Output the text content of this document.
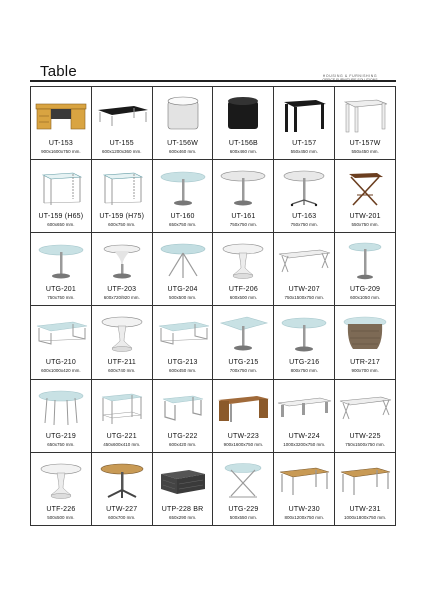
Table	HOUSING & FURNISHING
UT-153
900x1600x750 mm.
UT-155
600x1200x360 mm.
UT-156W
600x460 mm.
UT-156B
600x460 mm.
UT-157
550x450 mm.
UT-157W
550x450 mm.
UT-159 (H65)
600x650 mm.
UT-159 (H75)
600x750 mm.
UT-160
650x750 mm.
UT-161
750x750 mm.
UT-163
750x750 mm.
UTW-201
550x750 mm.
UTG-201
750x750 mm.
UTF-203
600x720/920 mm.
UTG-204
500x500 mm.
UTF-206
600x500 mm.
UTW-207
750x1500x750 mm.
UTG-209
600x1050 mm.
UTG-210
600x1000x420 mm.
UTF-211
600x740 mm.
UTG-213
600x450 mm.
UTG-215
700x750 mm.
UTG-216
800x750 mm.
UTR-217
900x700 mm.
UTG-219
650x750 mm.
UTG-221
450x600x410 mm.
UTG-222
600x420 mm.
UTW-223
900x1600x750 mm.
UTW-224
1000x3200x750 mm.
UTW-225
750x1500x750 mm.
UTF-226
500x500 mm.
UTW-227
600x700 mm.
UTP-228 BR
650x290 mm.
UTG-229
500x550 mm.
UTW-230
800x1200x750 mm.
UTW-231
1000x1800x750 mm.
